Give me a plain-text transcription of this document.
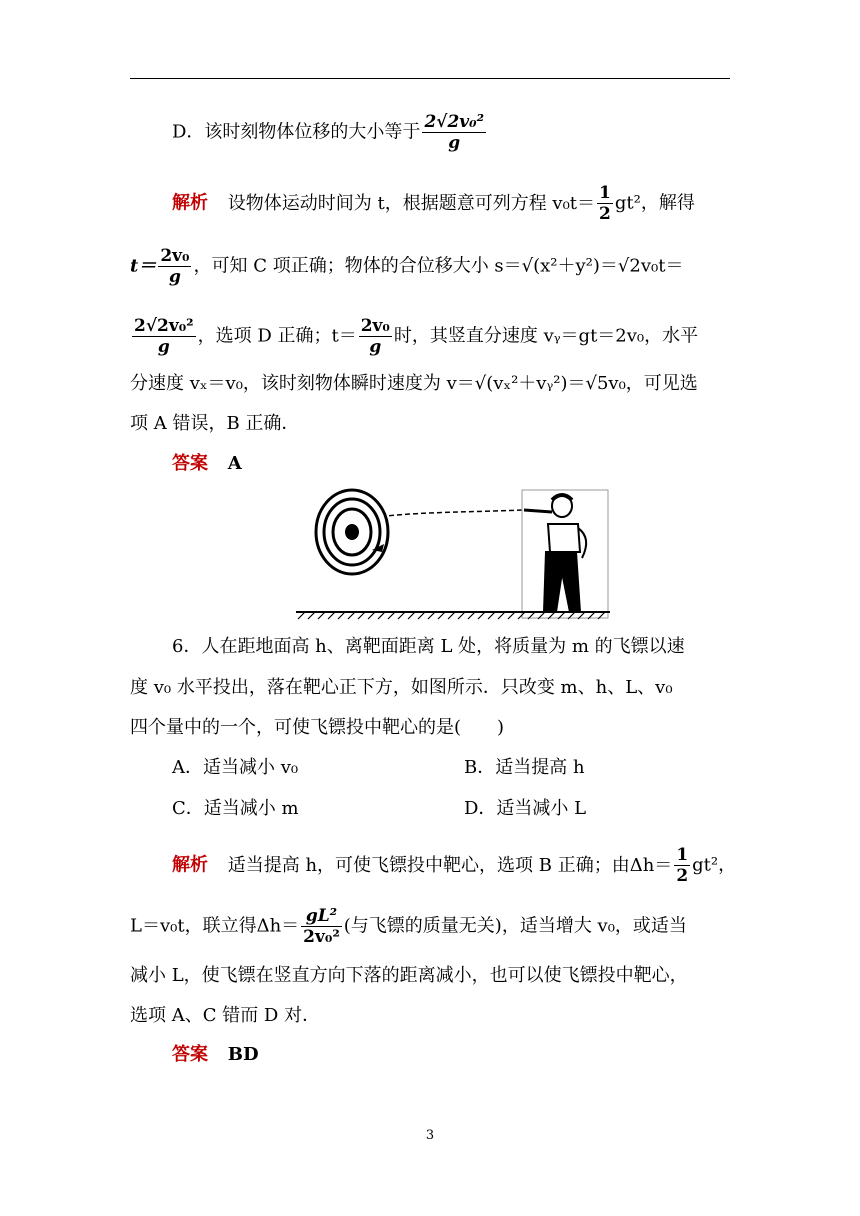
D．该时刻物体位移的大小等于 $\frac{\text{2√2v₀²}}{g}$
解析 设物体运动时间为 t，根据题意可列方程 $v_0t= \frac{1}{2} gt^2$，解得
$t= \frac{\text{2v₀}}{g}$ ，可知 C 项正确；物体的合位移大小 s＝√(x²＋y²)＝√2v₀t＝
$\frac{\text{2√2v₀²}}{g}$ ，选项 D 正确；$t= \frac{\text{2v₀}}{g}$ 时，其竖直分速度 vᵧ＝gt＝2v₀，水平
分速度 vₓ＝v₀，该时刻物体瞬时速度为 v＝√(vₓ²＋vᵧ²)＝√5v₀，可见选
项 A 错误，B 正确．
答案 A
6．人在距地面高 h、离靶面距离 L 处，将质量为 m 的飞镖以速
度 v₀ 水平投出，落在靶心正下方，如图所示．只改变 m、h、L、v₀
四个量中的一个，可使飞镖投中靶心的是(　　)
A．适当减小 v₀	B．适当提高 h
C．适当减小 m	D．适当减小 L
解析 适当提高 h，可使飞镖投中靶心，选项 B 正确；由$\Delta h= \frac{1}{2} gt^2$，
L＝v₀t，联立得$\Delta h= \frac{\text{gL²}}{\text{2v₀²}}$ (与飞镖的质量无关)，适当增大 v₀，或适当
减小 L，使飞镖在竖直方向下落的距离减小，也可以使飞镖投中靶心，
选项 A、C 错而 D 对．
答案 BD
3
